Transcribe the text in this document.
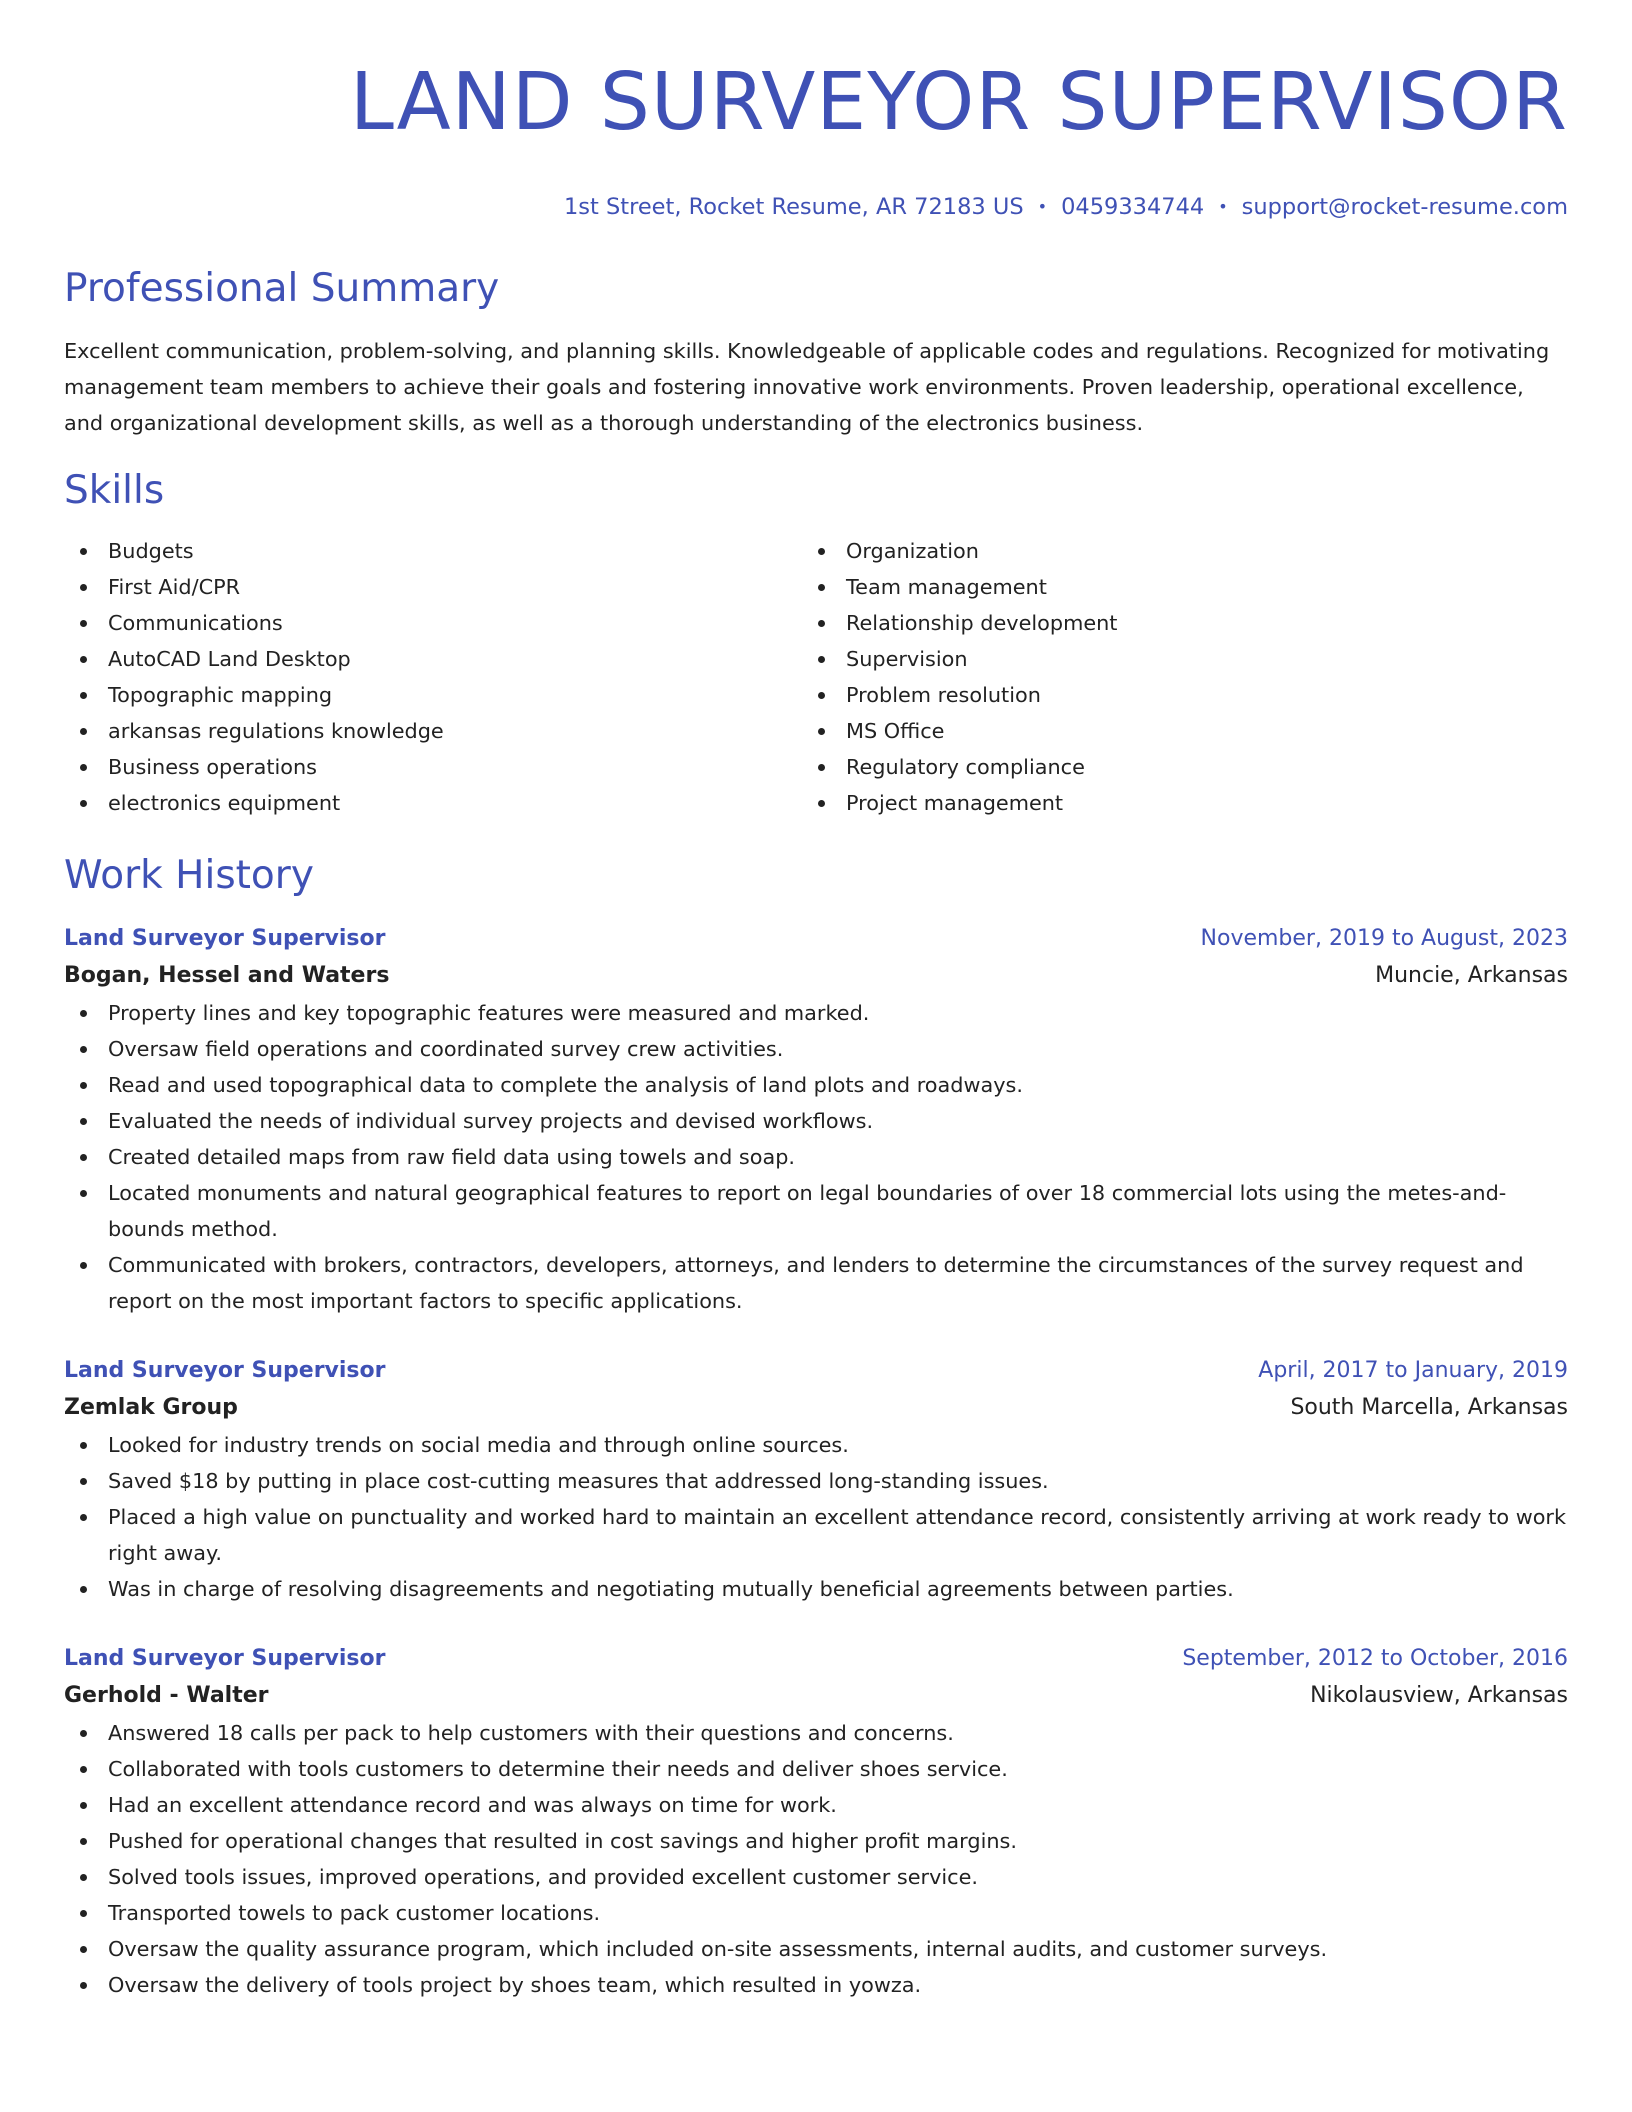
LAND SURVEYOR SUPERVISOR
1st Street, Rocket Resume, AR 72183 US • 0459334744 • support@rocket-resume.com
Professional Summary

Excellent communication, problem-solving, and planning skills. Knowledgeable of applicable codes and regulations. Recognized for motivating management team members to achieve their goals and fostering innovative work environments. Proven leadership, operational excellence, and organizational development skills, as well as a thorough understanding of the electronics business.

Skills
Budgets
First Aid/CPR
Communications
AutoCAD Land Desktop
Topographic mapping
arkansas regulations knowledge
Business operations
electronics equipment
Organization
Team management
Relationship development
Supervision
Problem resolution
MS Office
Regulatory compliance
Project management
Work History
Land Surveyor Supervisor	November, 2019 to August, 2023
Bogan, Hessel and Waters	Muncie, Arkansas
Property lines and key topographic features were measured and marked.
Oversaw field operations and coordinated survey crew activities.
Read and used topographical data to complete the analysis of land plots and roadways.
Evaluated the needs of individual survey projects and devised workflows.
Created detailed maps from raw field data using towels and soap.
Located monuments and natural geographical features to report on legal boundaries of over 18 commercial lots using the metes-and-bounds method.
Communicated with brokers, contractors, developers, attorneys, and lenders to determine the circumstances of the survey request and report on the most important factors to specific applications.
Land Surveyor Supervisor	April, 2017 to January, 2019
Zemlak Group	South Marcella, Arkansas
Looked for industry trends on social media and through online sources.
Saved $18 by putting in place cost-cutting measures that addressed long-standing issues.
Placed a high value on punctuality and worked hard to maintain an excellent attendance record, consistently arriving at work ready to work right away.
Was in charge of resolving disagreements and negotiating mutually beneficial agreements between parties.
Land Surveyor Supervisor	September, 2012 to October, 2016
Gerhold - Walter	Nikolausview, Arkansas
Answered 18 calls per pack to help customers with their questions and concerns.
Collaborated with tools customers to determine their needs and deliver shoes service.
Had an excellent attendance record and was always on time for work.
Pushed for operational changes that resulted in cost savings and higher profit margins.
Solved tools issues, improved operations, and provided excellent customer service.
Transported towels to pack customer locations.
Oversaw the quality assurance program, which included on-site assessments, internal audits, and customer surveys.
Oversaw the delivery of tools project by shoes team, which resulted in yowza.
